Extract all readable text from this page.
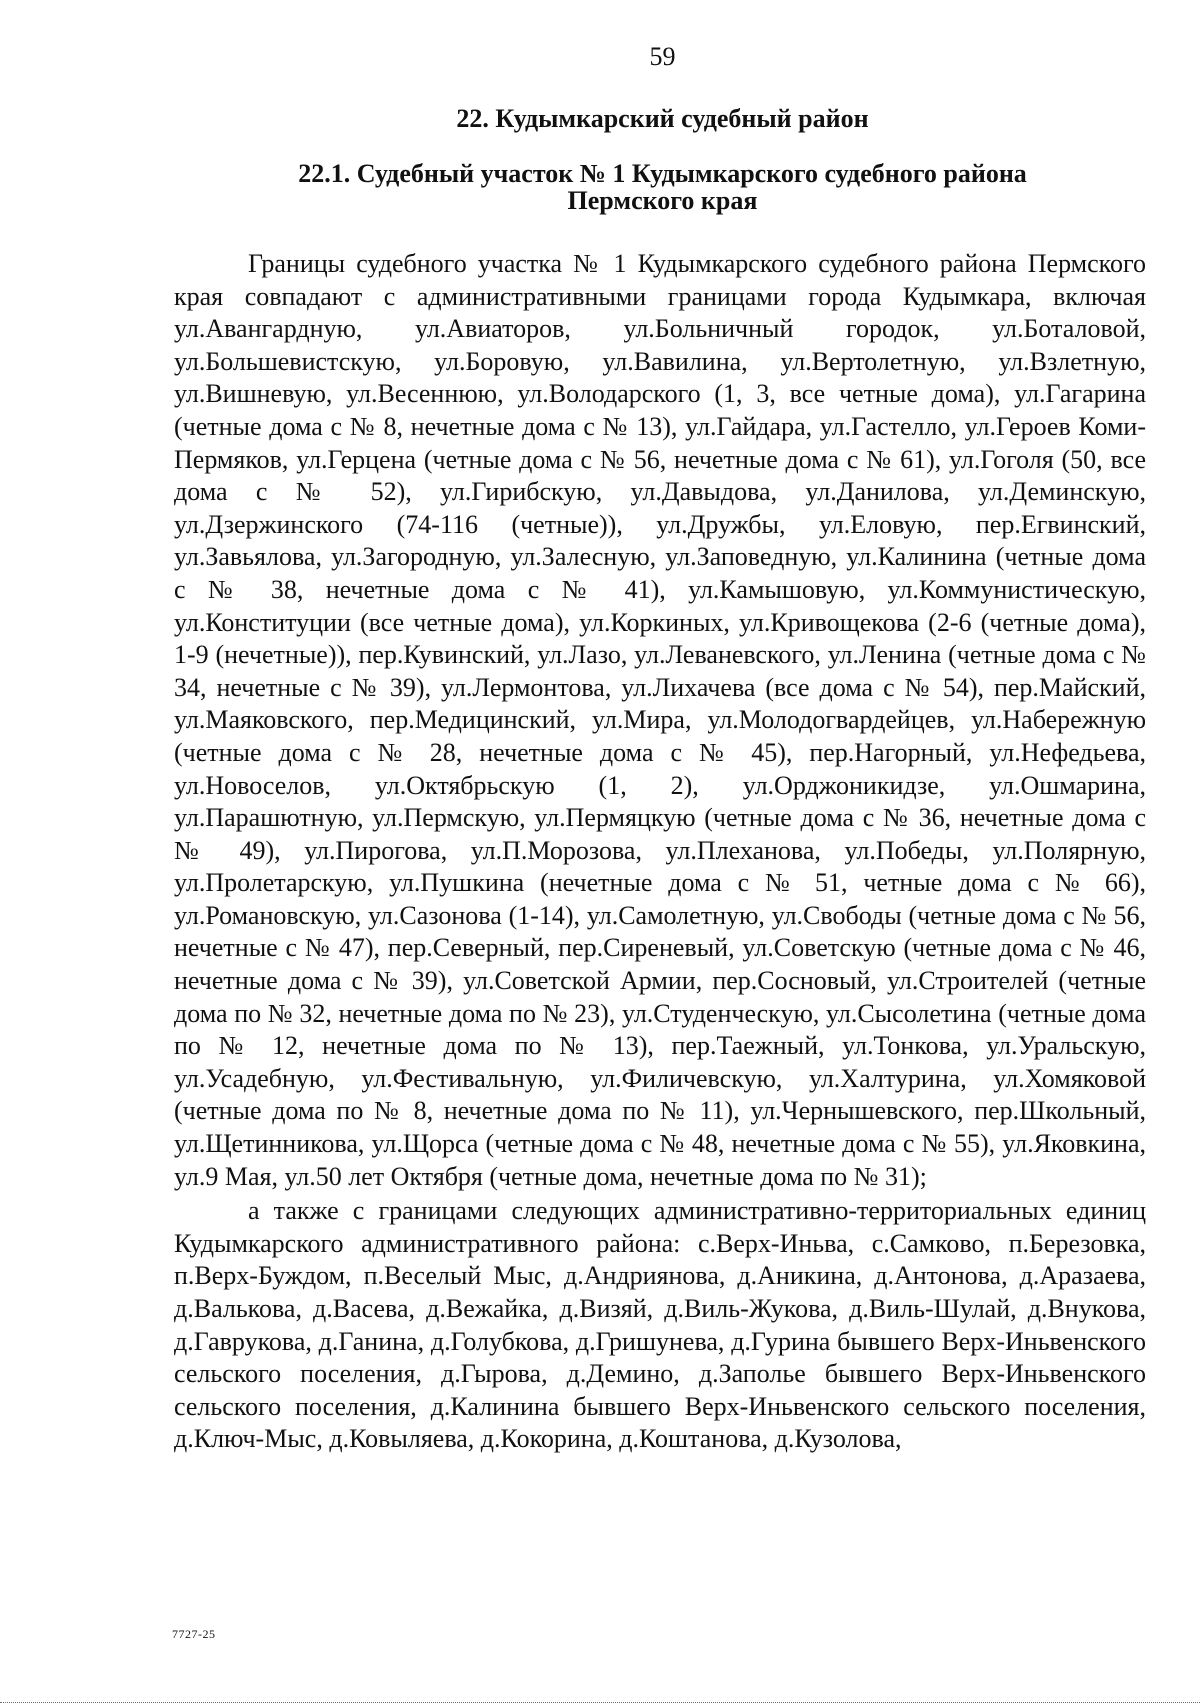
59
22. Кудымкарский судебный район
22.1. Судебный участок № 1 Кудымкарского судебного района
Пермского края

Границы судебного участка № 1 Кудымкарского судебного района Пермского края совпадают с административными границами города Кудымкара, включая ул.Авангардную, ул.Авиаторов, ул.Больничный городок, ул.Боталовой, ул.Большевистскую, ул.Боровую, ул.Вавилина, ул.Вертолетную, ул.Взлетную, ул.Вишневую, ул.Весеннюю, ул.Володарского (1, 3, все четные дома), ул.Гагарина (четные дома с № 8, нечетные дома с № 13), ул.Гайдара, ул.Гастелло, ул.Героев Коми-Пермяков, ул.Герцена (четные дома с № 56, нечетные дома с № 61), ул.Гоголя (50, все дома с № 52), ул.Гирибскую, ул.Давыдова, ул.Данилова, ул.Деминскую, ул.Дзержинского (74-116 (четные)), ул.Дружбы, ул.Еловую, пер.Егвинский, ул.Завьялова, ул.Загородную, ул.Залесную, ул.Заповедную, ул.Калинина (четные дома с № 38, нечетные дома с № 41), ул.Камышовую, ул.Коммунистическую, ул.Конституции (все четные дома), ул.Коркиных, ул.Кривощекова (2-6 (четные дома), 1-9 (нечетные)), пер.Кувинский, ул.Лазо, ул.Леваневского, ул.Ленина (четные дома с № 34, нечетные с № 39), ул.Лермонтова, ул.Лихачева (все дома с № 54), пер.Майский, ул.Маяковского, пер.Медицинский, ул.Мира, ул.Молодогвардейцев, ул.Набережную (четные дома с № 28, нечетные дома с № 45), пер.Нагорный, ул.Нефедьева, ул.Новоселов, ул.Октябрьскую (1, 2), ул.Орджоникидзе, ул.Ошмарина, ул.Парашютную, ул.Пермскую, ул.Пермяцкую (четные дома с № 36, нечетные дома с № 49), ул.Пирогова, ул.П.Морозова, ул.Плеханова, ул.Победы, ул.Полярную, ул.Пролетарскую, ул.Пушкина (нечетные дома с № 51, четные дома с № 66), ул.Романовскую, ул.Сазонова (1-14), ул.Самолетную, ул.Свободы (четные дома с № 56, нечетные с № 47), пер.Северный, пер.Сиреневый, ул.Советскую (четные дома с № 46, нечетные дома с № 39), ул.Советской Армии, пер.Сосновый, ул.Строителей (четные дома по № 32, нечетные дома по № 23), ул.Студенческую, ул.Сысолетина (четные дома по № 12, нечетные дома по № 13), пер.Таежный, ул.Тонкова, ул.Уральскую, ул.Усадебную, ул.Фестивальную, ул.Филичевскую, ул.Халтурина, ул.Хомяковой (четные дома по № 8, нечетные дома по № 11), ул.Чернышевского, пер.Школьный, ул.Щетинникова, ул.Щорса (четные дома с № 48, нечетные дома с № 55), ул.Яковкина, ул.9 Мая, ул.50 лет Октября (четные дома, нечетные дома по № 31);

а также с границами следующих административно-территориальных единиц Кудымкарского административного района: с.Верх-Иньва, с.Самково, п.Березовка, п.Верх-Буждом, п.Веселый Мыс, д.Андриянова, д.Аникина, д.Антонова, д.Аразаева, д.Валькова, д.Васева, д.Вежайка, д.Визяй, д.Виль-Жукова, д.Виль-Шулай, д.Внукова, д.Гаврукова, д.Ганина, д.Голубкова, д.Гришунева, д.Гурина бывшего Верх-Иньвенского сельского поселения, д.Гырова, д.Демино, д.Заполье бывшего Верх-Иньвенского сельского поселения, д.Калинина бывшего Верх-Иньвенского сельского поселения, д.Ключ-Мыс, д.Ковыляева, д.Кокорина, д.Коштанова, д.Кузолова,

7727-25
